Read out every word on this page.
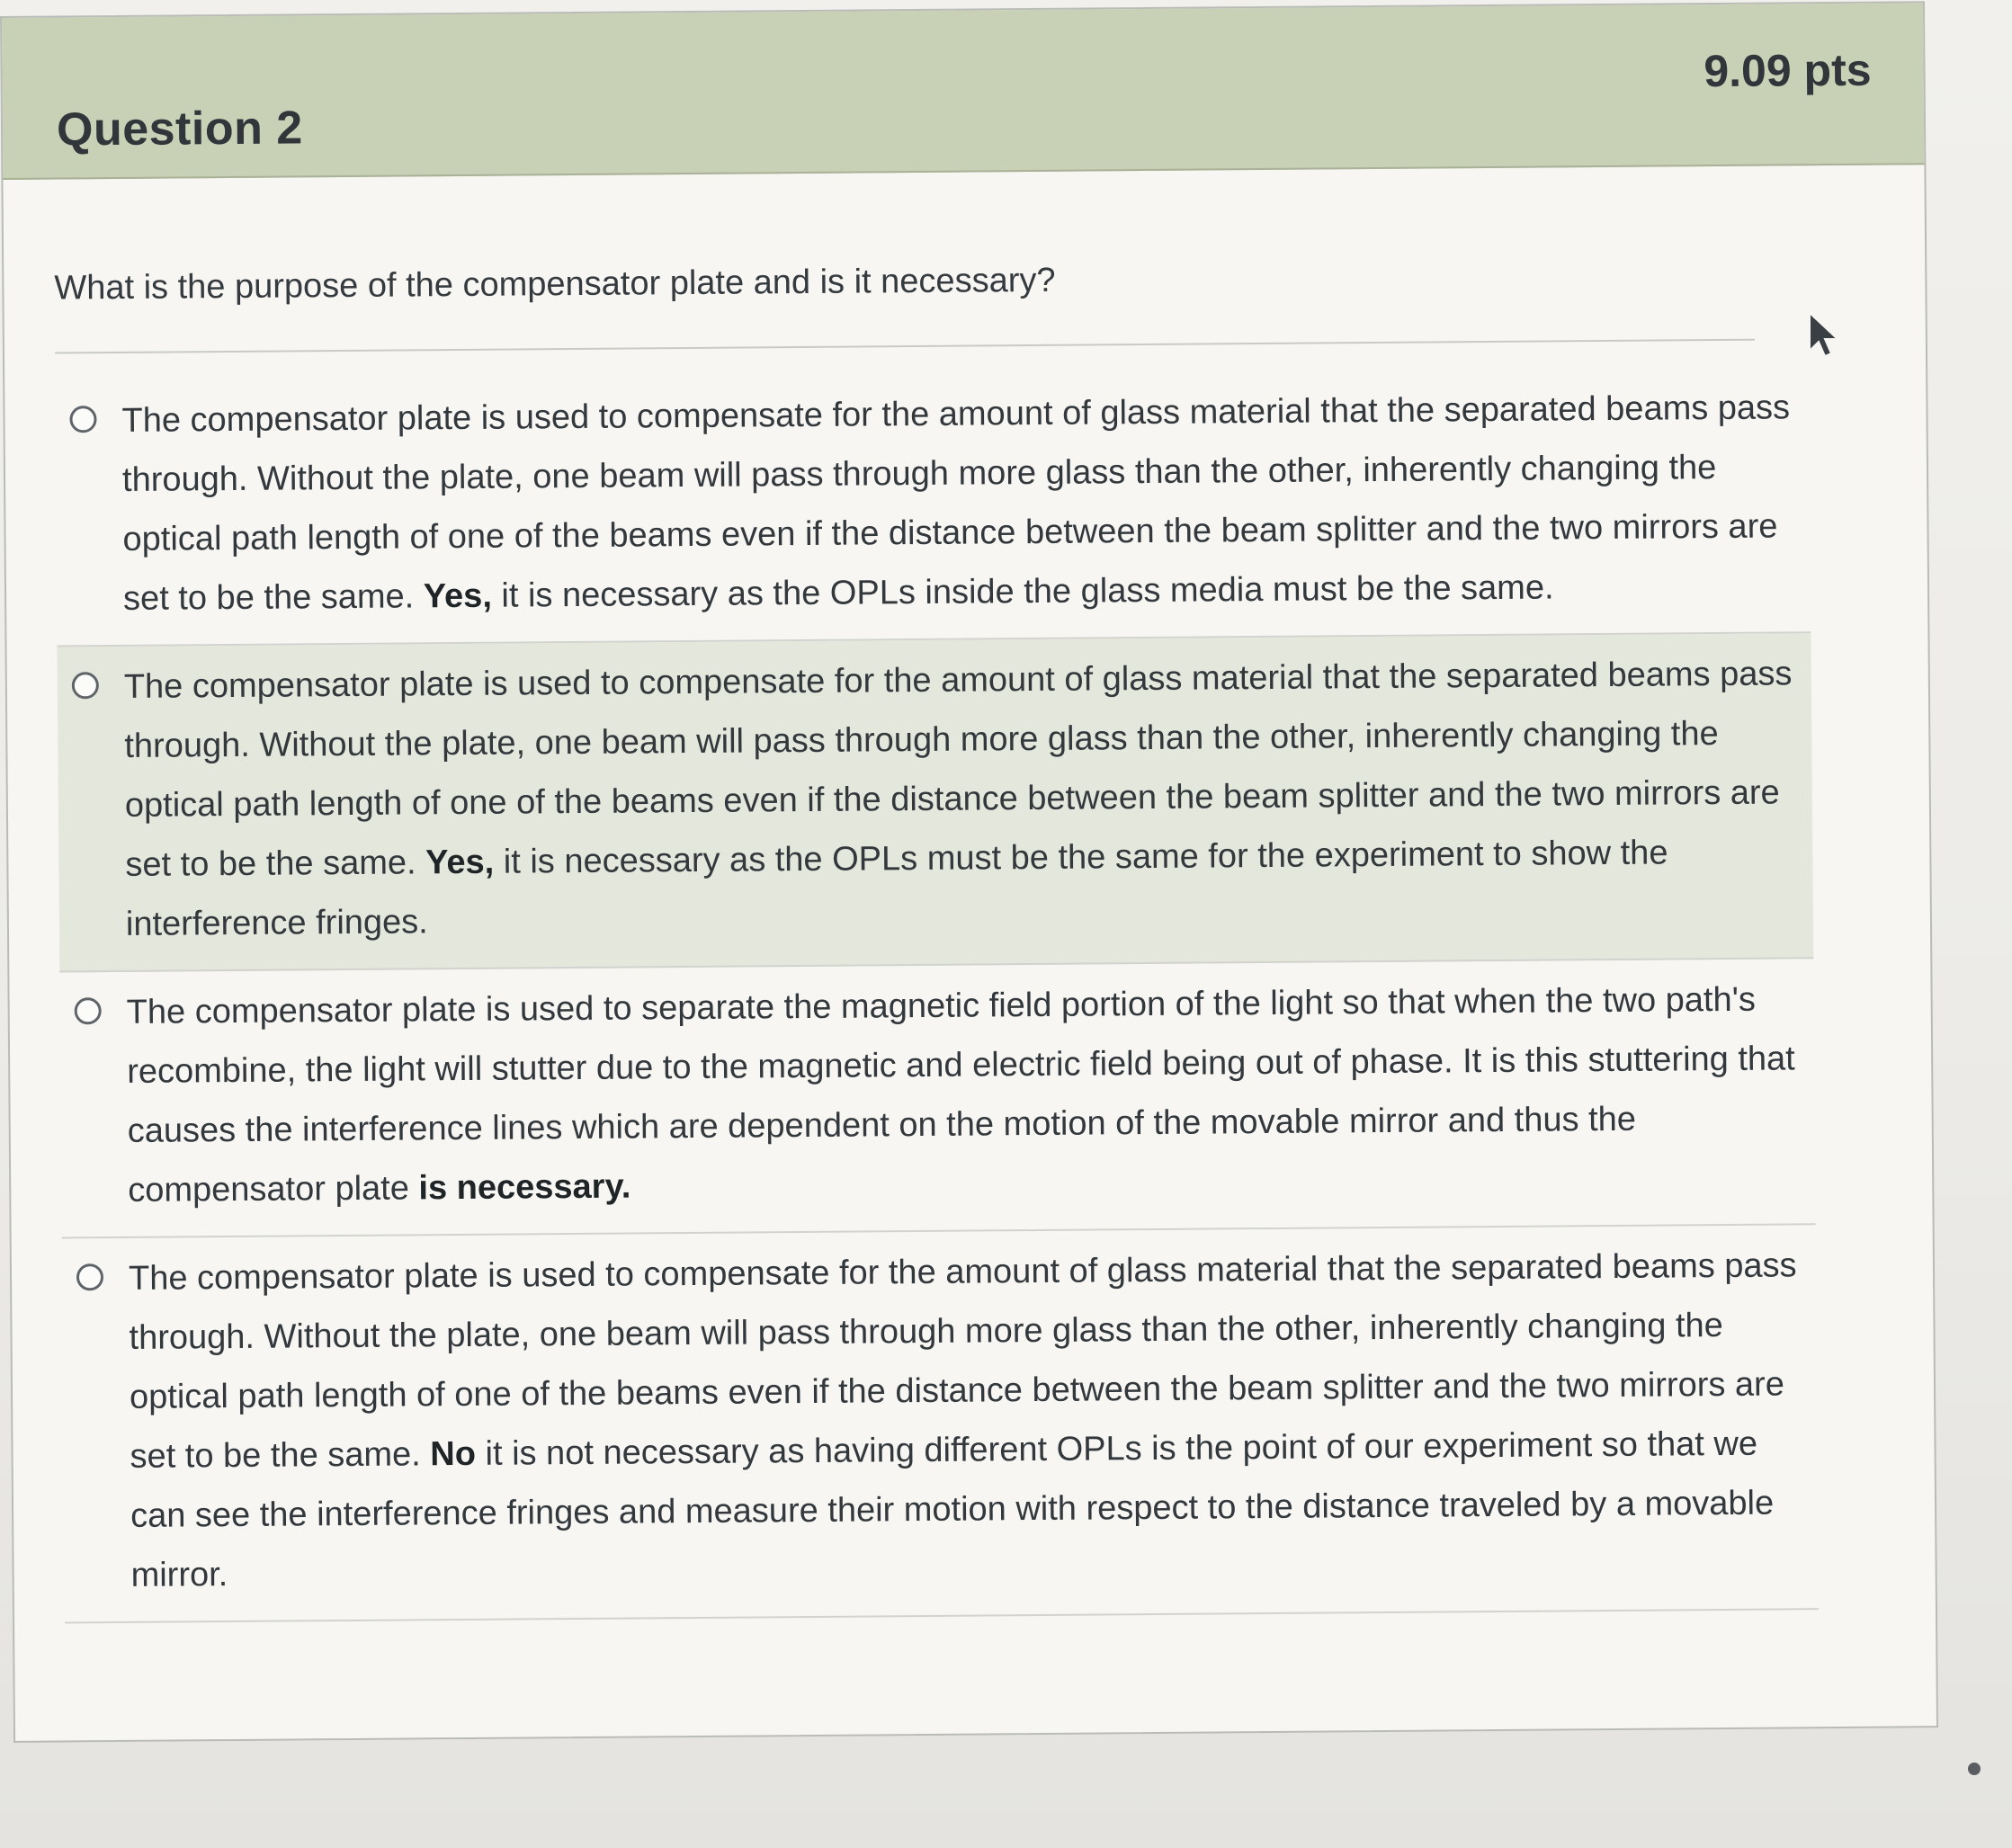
Question 2
9.09 pts
What is the purpose of the compensator plate and is it necessary?
The compensator plate is used to compensate for the amount of glass material that the separated beams pass through. Without the plate, one beam will pass through more glass than the other, inherently changing the optical path length of one of the beams even if the distance between the beam splitter and the two mirrors are set to be the same. Yes, it is necessary as the OPLs inside the glass media must be the same.
The compensator plate is used to compensate for the amount of glass material that the separated beams pass through. Without the plate, one beam will pass through more glass than the other, inherently changing the optical path length of one of the beams even if the distance between the beam splitter and the two mirrors are set to be the same. Yes, it is necessary as the OPLs must be the same for the experiment to show the interference fringes.
The compensator plate is used to separate the magnetic field portion of the light so that when the two path's recombine, the light will stutter due to the magnetic and electric field being out of phase. It is this stuttering that causes the interference lines which are dependent on the motion of the movable mirror and thus the compensator plate is necessary.
The compensator plate is used to compensate for the amount of glass material that the separated beams pass through. Without the plate, one beam will pass through more glass than the other, inherently changing the optical path length of one of the beams even if the distance between the beam splitter and the two mirrors are set to be the same. No it is not necessary as having different OPLs is the point of our experiment so that we can see the interference fringes and measure their motion with respect to the distance traveled by a movable mirror.
